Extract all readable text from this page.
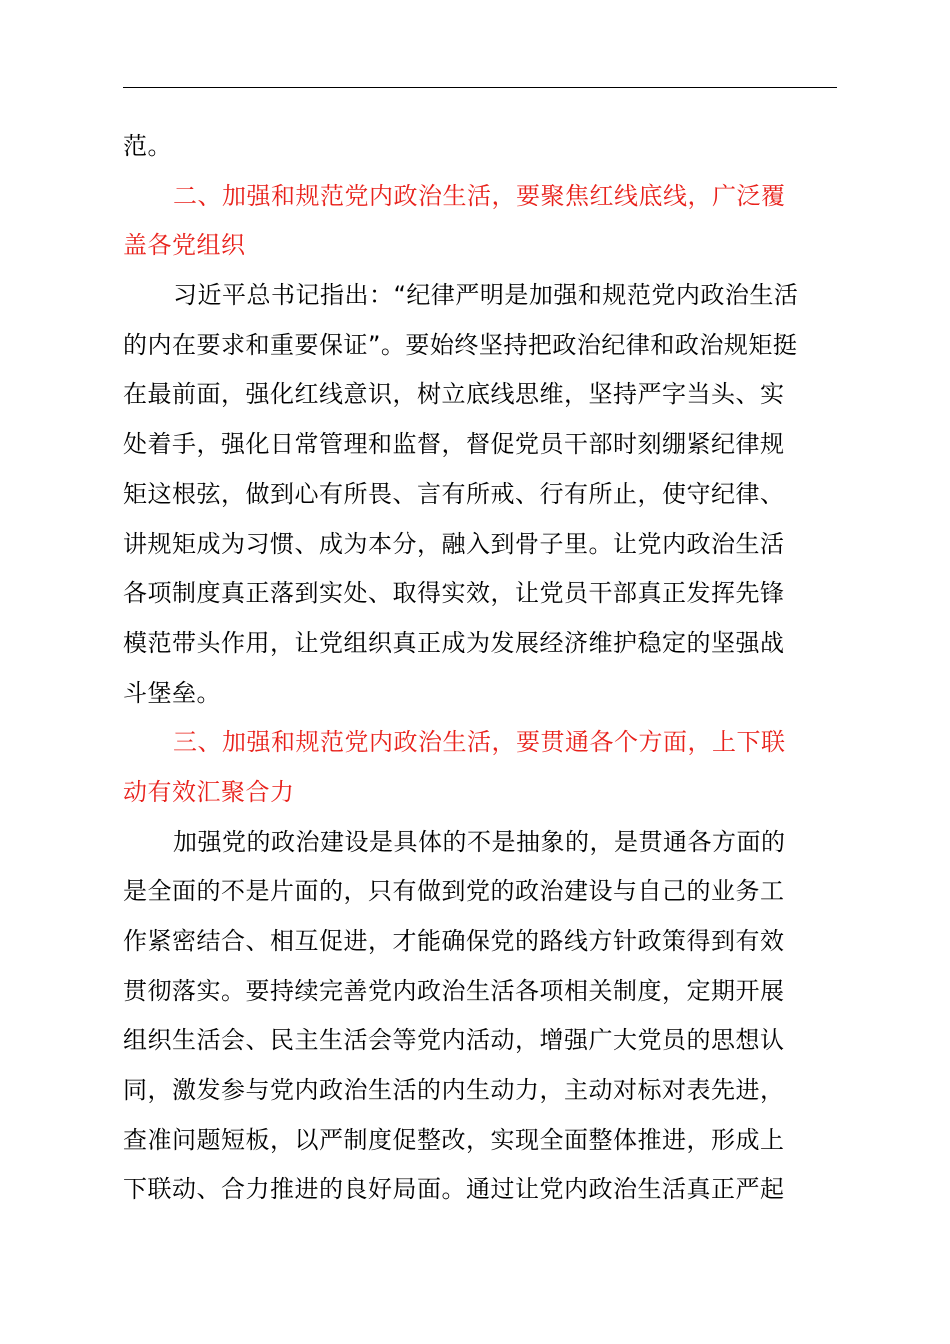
范。
二、加强和规范党内政治生活，要聚焦红线底线，广泛覆
盖各党组织
习近平总书记指出：“纪律严明是加强和规范党内政治生活
的内在要求和重要保证”。要始终坚持把政治纪律和政治规矩挺
在最前面，强化红线意识，树立底线思维，坚持严字当头、实
处着手，强化日常管理和监督，督促党员干部时刻绷紧纪律规
矩这根弦，做到心有所畏、言有所戒、行有所止，使守纪律、
讲规矩成为习惯、成为本分，融入到骨子里。让党内政治生活
各项制度真正落到实处、取得实效，让党员干部真正发挥先锋
模范带头作用，让党组织真正成为发展经济维护稳定的坚强战
斗堡垒。
三、加强和规范党内政治生活，要贯通各个方面，上下联
动有效汇聚合力
加强党的政治建设是具体的不是抽象的，是贯通各方面的
是全面的不是片面的，只有做到党的政治建设与自己的业务工
作紧密结合、相互促进，才能确保党的路线方针政策得到有效
贯彻落实。要持续完善党内政治生活各项相关制度，定期开展
组织生活会、民主生活会等党内活动，增强广大党员的思想认
同，激发参与党内政治生活的内生动力，主动对标对表先进，
查准问题短板，以严制度促整改，实现全面整体推进，形成上
下联动、合力推进的良好局面。通过让党内政治生活真正严起
